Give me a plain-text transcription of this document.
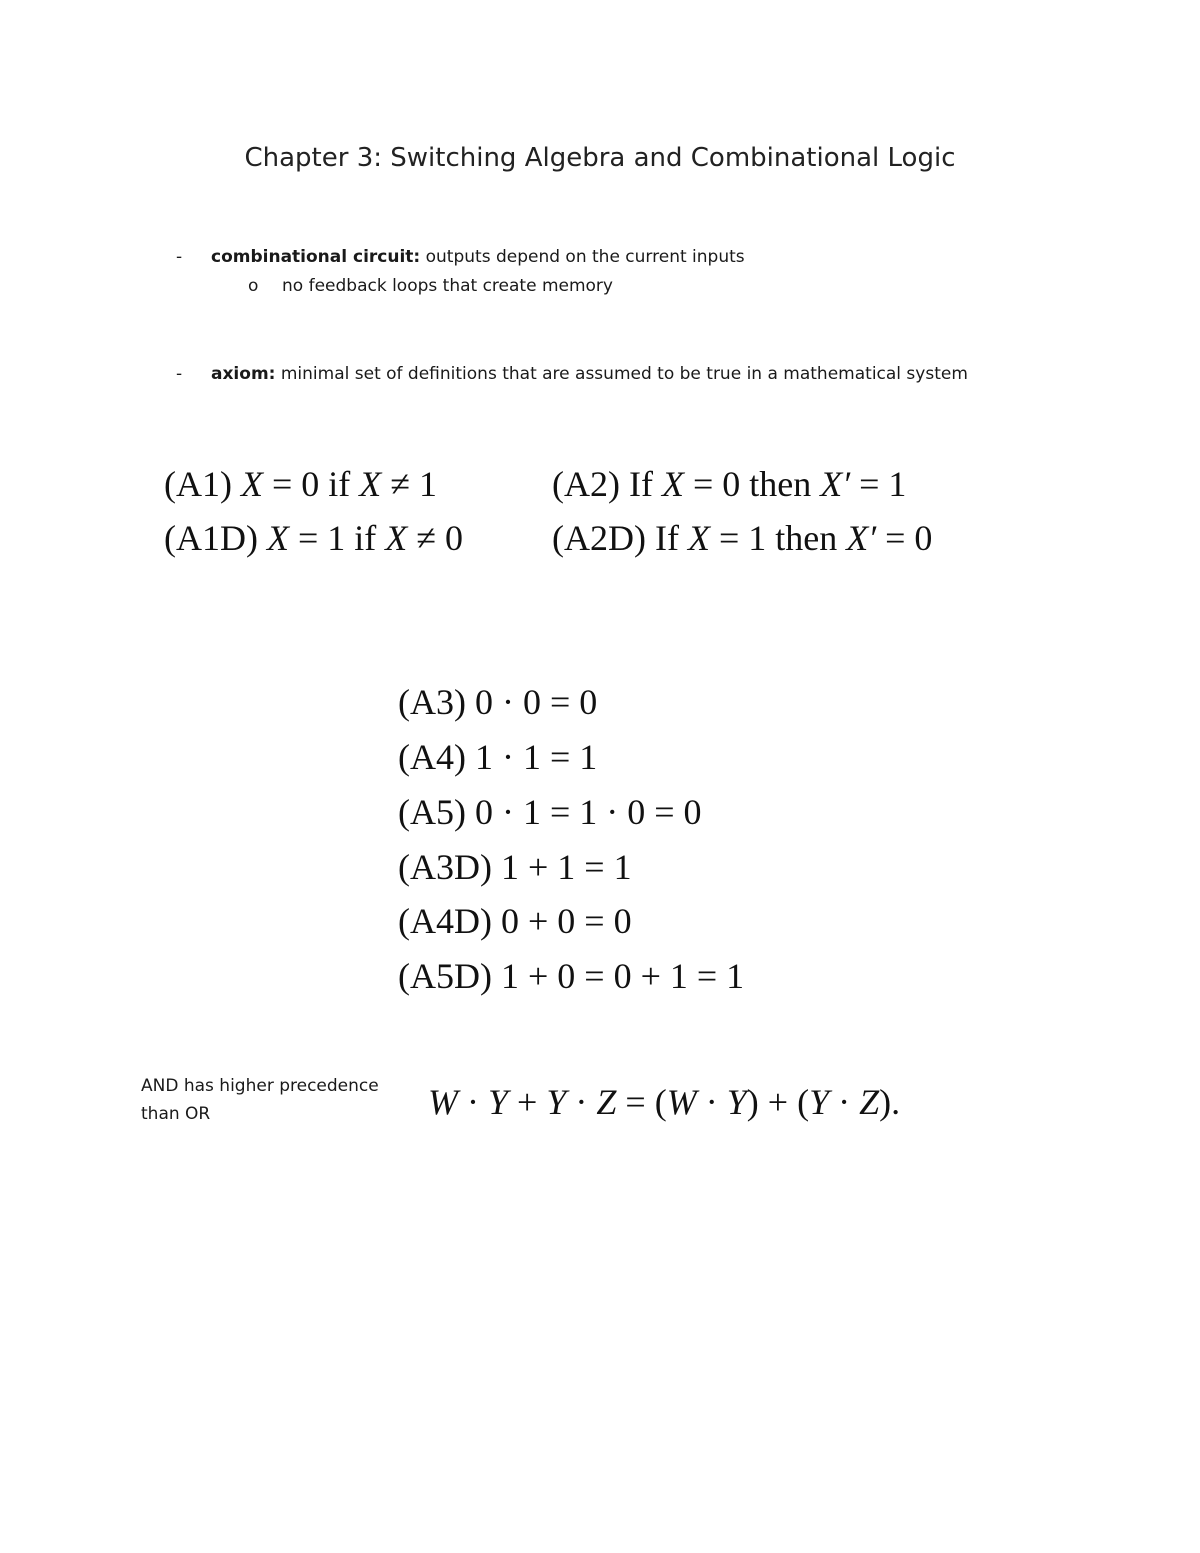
Chapter 3: Switching Algebra and Combinational Logic
- combinational circuit: outputs depend on the current inputs
o no feedback loops that create memory
- axiom: minimal set of definitions that are assumed to be true in a mathematical system
(A1) X = 0 if X ≠ 1
(A1D) X = 1 if X ≠ 0
(A2) If X = 0 then X′ = 1
(A2D) If X = 1 then X′ = 0
(A3) 0 · 0 = 0
(A4) 1 · 1 = 1
(A5) 0 · 1 = 1 · 0 = 0
(A3D) 1 + 1 = 1
(A4D) 0 + 0 = 0
(A5D) 1 + 0 = 0 + 1 = 1
AND has higher precedence than OR	W · Y + Y · Z = (W · Y) + (Y · Z).
